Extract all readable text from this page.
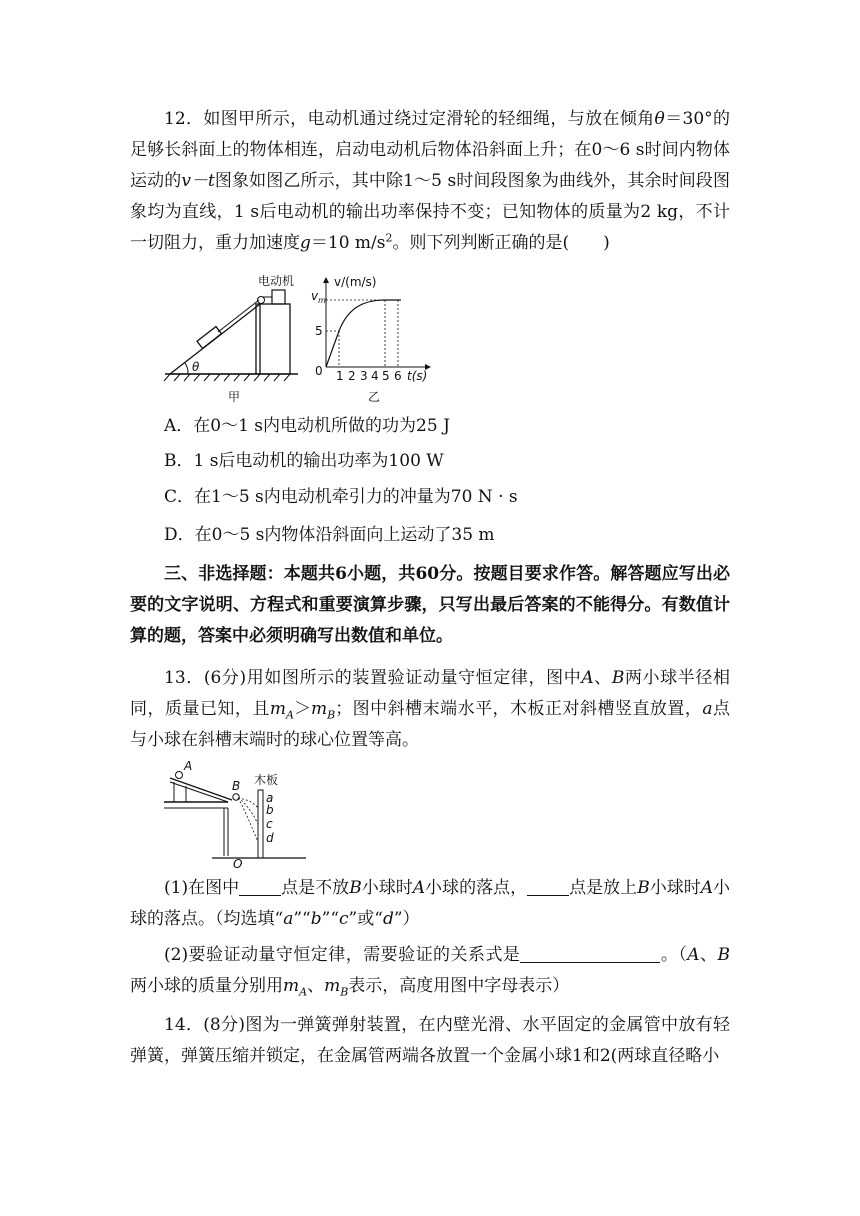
12．如图甲所示，电动机通过绕过定滑轮的轻细绳，与放在倾角θ＝30°的足够长斜面上的物体相连，启动电动机后物体沿斜面上升；在0～6 s时间内物体运动的v－t图象如图乙所示，其中除1～5 s时间段图象为曲线外，其余时间段图象均为直线，1 s后电动机的输出功率保持不变；已知物体的质量为2 kg，不计一切阻力，重力加速度g＝10 $m/s^2$。则下列判断正确的是(　　)
电动机
θ
甲
v/(m/s)
$v_m$
5
0 1 2 3 4 5 6 t(s)
乙
A．在0～1 s内电动机所做的功为25 J
B．1 s后电动机的输出功率为100 W
C．在1～5 s内电动机牵引力的冲量为70 N · s
D．在0～5 s内物体沿斜面向上运动了35 m
三、非选择题：本题共6小题，共60分。按题目要求作答。解答题应写出必要的文字说明、方程式和重要演算步骤，只写出最后答案的不能得分。有数值计算的题，答案中必须明确写出数值和单位。
13．(6分)用如图所示的装置验证动量守恒定律，图中A、B两小球半径相同，质量已知，且$m_A>m_B$；图中斜槽末端水平，木板正对斜槽竖直放置，a点与小球在斜槽末端时的球心位置等高。
A
B 木板
a
b
c
d
O
(1)在图中 点是不放B小球时A小球的落点， 点是放上B小球时A小球的落点。（均选填“a”“b”“c”或“d”）
(2)要验证动量守恒定律，需要验证的关系式是	。（A、B两小球的质量分别用$m_A$、$m_B$表示，高度用图中字母表示）
14．(8分)图为一弹簧弹射装置，在内壁光滑、水平固定的金属管中放有轻弹簧，弹簧压缩并锁定，在金属管两端各放置一个金属小球1和2(两球直径略小
